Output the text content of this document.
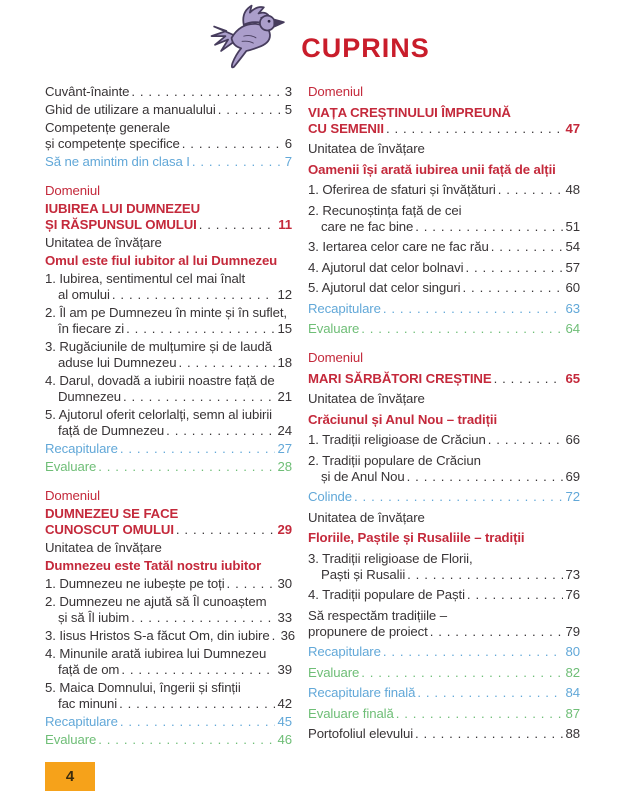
CUPRINS
Cuvânt-înainte . . .	3
Ghid de utilizare a manualului . . .	5
Competențe generale
și competențe specifice . . .	6
Să ne amintim din clasa I . . .	7
Domeniul
IUBIREA LUI DUMNEZEU
ȘI RĂSPUNSUL OMULUI . . .	11
Unitatea de învățare
Omul este fiul iubitor al lui Dumnezeu
1. Iubirea, sentimentul cel mai înalt
al omului . . .	12
2. Îl am pe Dumnezeu în minte și în suflet,
în fiecare zi . . .	15
3. Rugăciunile de mulțumire și de laudă
aduse lui Dumnezeu . . .	18
4. Darul, dovadă a iubirii noastre față de
Dumnezeu . . .	21
5. Ajutorul oferit celorlalți, semn al iubirii
față de Dumnezeu . . .	24
Recapitulare . . .	27
Evaluare . . .	28
Domeniul
DUMNEZEU SE FACE
CUNOSCUT OMULUI . . .	29
Unitatea de învățare
Dumnezeu este Tatăl nostru iubitor
1. Dumnezeu ne iubește pe toți . . .	30
2. Dumnezeu ne ajută să Îl cunoaștem
și să Îl iubim . . .	33
3. Iisus Hristos S-a făcut Om, din iubire . . . 36
4. Minunile arată iubirea lui Dumnezeu
față de om . . .	39
5. Maica Domnului, îngerii și sfinții
fac minuni . . .	42
Recapitulare . . .	45
Evaluare . . .	46
Domeniul
VIAȚA CREȘTINULUI ÎMPREUNĂ
CU SEMENII . . .	47
Unitatea de învățare
Oamenii își arată iubirea unii față de alții
1. Oferirea de sfaturi și învățături . . .	48
2. Recunoștința față de cei
care ne fac bine . . .	51
3. Iertarea celor care ne fac rău . . .	54
4. Ajutorul dat celor bolnavi . . .	57
5. Ajutorul dat celor singuri . . .	60
Recapitulare . . .	63
Evaluare . . .	64
Domeniul
MARI SĂRBĂTORI CREȘTINE . . .	65
Unitatea de învățare
Crăciunul și Anul Nou – tradiții
1. Tradiții religioase de Crăciun . . .	66
2. Tradiții populare de Crăciun
și de Anul Nou . . .	69
Colinde . . .	72
Unitatea de învățare
Floriile, Paștile și Rusaliile – tradiții
3. Tradiții religioase de Florii,
Paști și Rusalii . . .	73
4. Tradiții populare de Paști . . .	76
Să respectăm tradițiile –
propunere de proiect . . .	79
Recapitulare . . .	80
Evaluare . . .	82
Recapitulare finală . . .	84
Evaluare finală . . .	87
Portofoliul elevului . . .	88
4
